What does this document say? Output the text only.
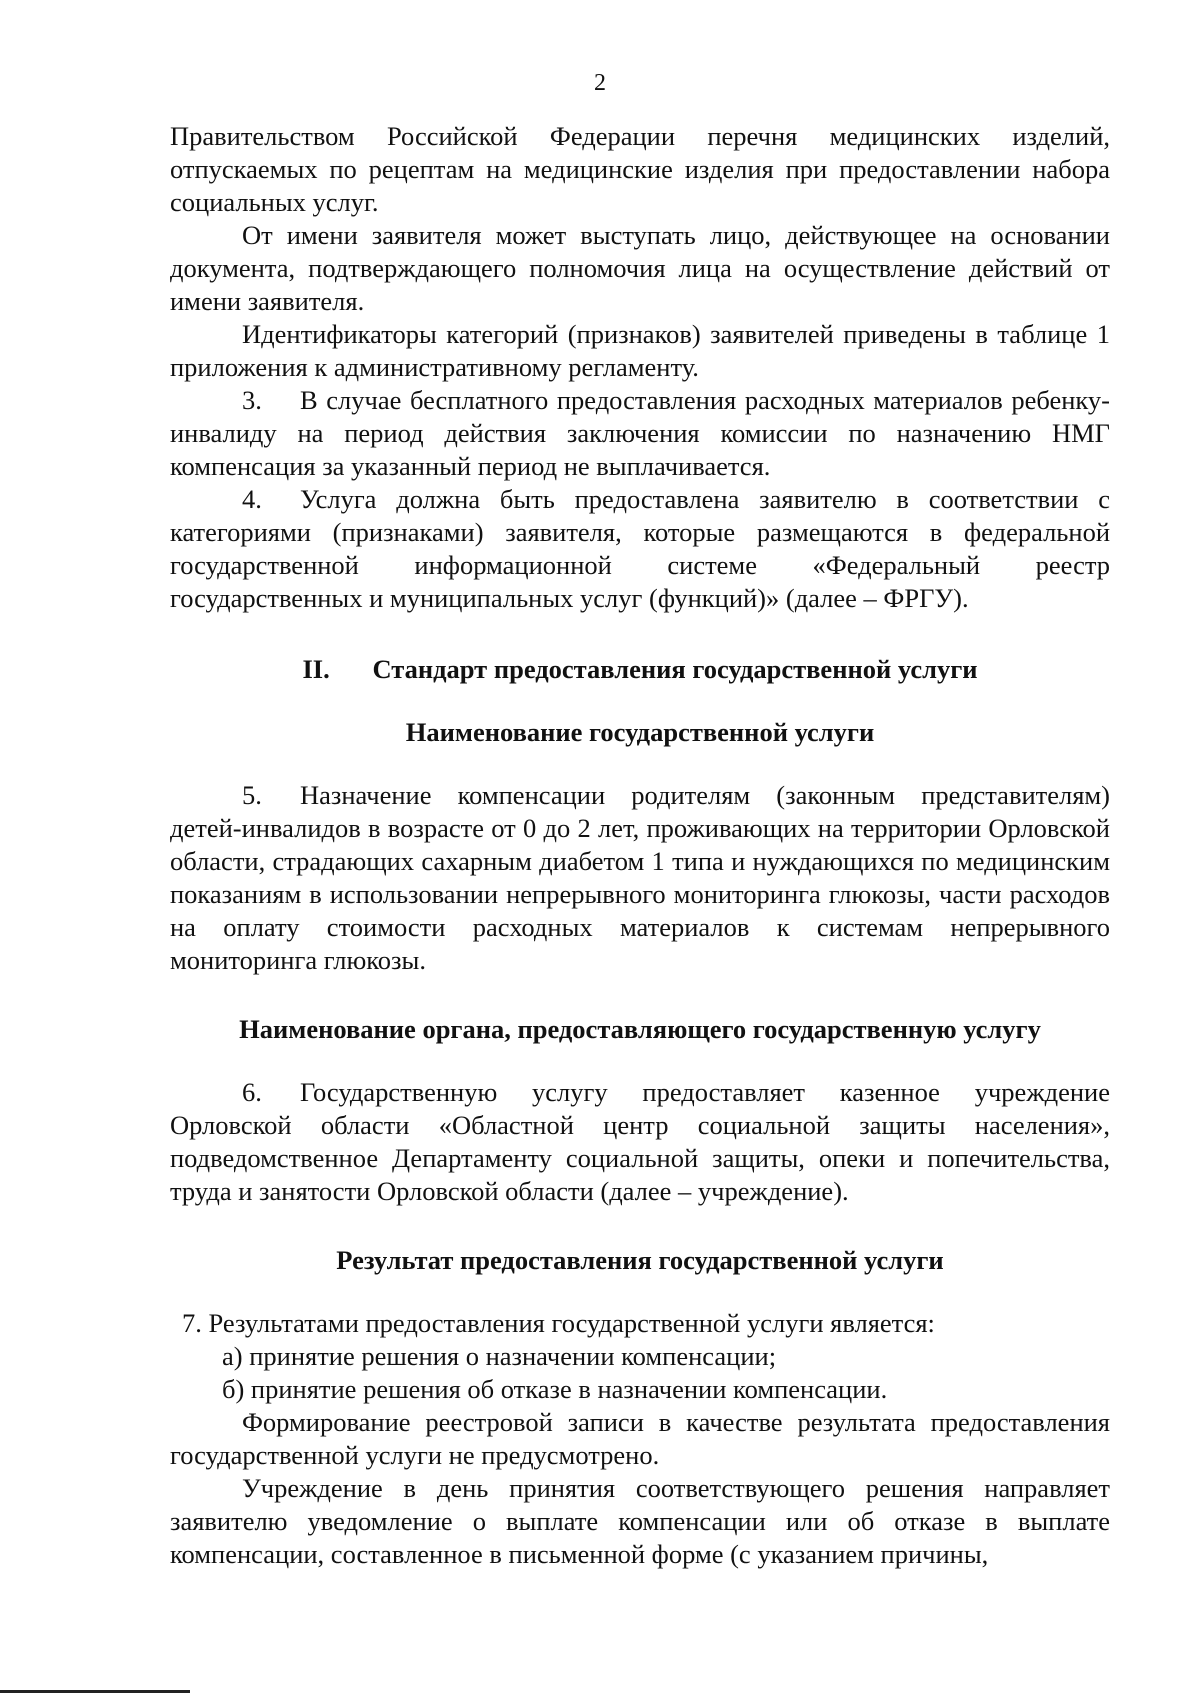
2

Правительством Российской Федерации перечня медицинских изделий, отпускаемых по рецептам на медицинские изделия при предоставлении набора социальных услуг.

От имени заявителя может выступать лицо, действующее на основании документа, подтверждающего полномочия лица на осуществление действий от имени заявителя.

Идентификаторы категорий (признаков) заявителей приведены в таблице 1 приложения к административному регламенту.

3. В случае бесплатного предоставления расходных материалов ребенку-инвалиду на период действия заключения комиссии по назначению НМГ компенсация за указанный период не выплачивается.

4. Услуга должна быть предоставлена заявителю в соответствии с категориями (признаками) заявителя, которые размещаются в федеральной государственной информационной системе «Федеральный реестр государственных и муниципальных услуг (функций)» (далее – ФРГУ).

II. Стандарт предоставления государственной услуги
Наименование государственной услуги

5. Назначение компенсации родителям (законным представителям) детей-инвалидов в возрасте от 0 до 2 лет, проживающих на территории Орловской области, страдающих сахарным диабетом 1 типа и нуждающихся по медицинским показаниям в использовании непрерывного мониторинга глюкозы, части расходов на оплату стоимости расходных материалов к системам непрерывного мониторинга глюкозы.

Наименование органа, предоставляющего государственную услугу

6. Государственную услугу предоставляет казенное учреждение Орловской области «Областной центр социальной защиты населения», подведомственное Департаменту социальной защиты, опеки и попечительства, труда и занятости Орловской области (далее – учреждение).

Результат предоставления государственной услуги

7. Результатами предоставления государственной услуги является:

а) принятие решения о назначении компенсации;

б) принятие решения об отказе в назначении компенсации.

Формирование реестровой записи в качестве результата предоставления государственной услуги не предусмотрено.

Учреждение в день принятия соответствующего решения направляет заявителю уведомление о выплате компенсации или об отказе в выплате компенсации, составленное в письменной форме (с указанием причины,
